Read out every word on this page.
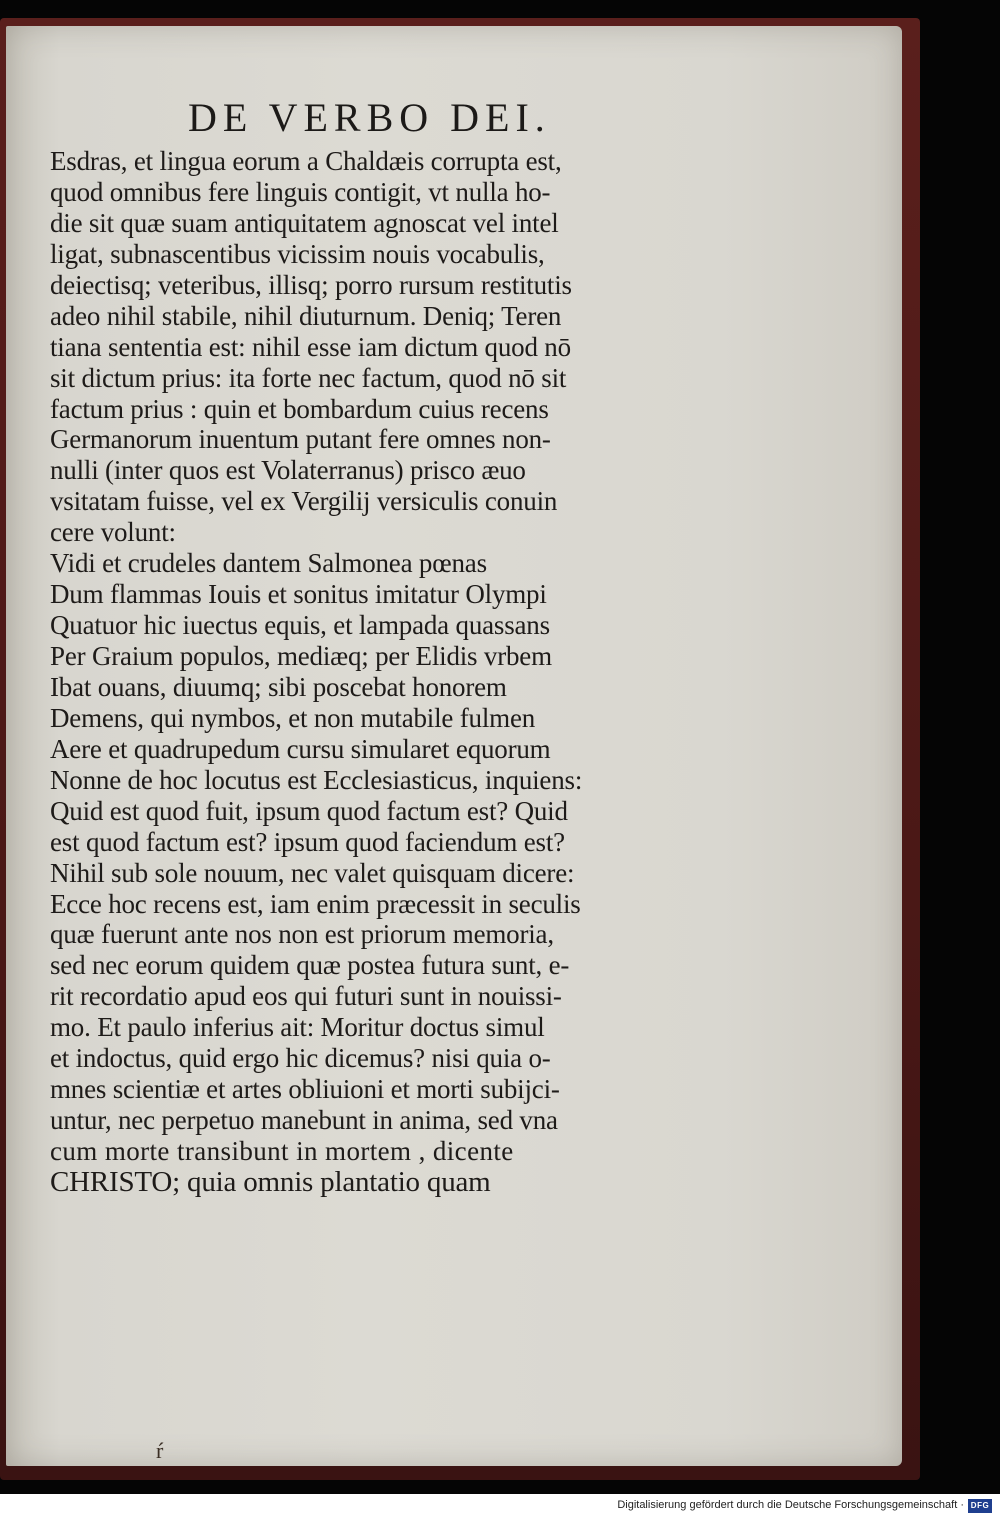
DE VERBO DEI.
Esdras, et lingua eorum a Chaldæis corrupta est,
quod omnibus fere linguis contigit, vt nulla ho-
die sit quæ suam antiquitatem agnoscat vel intel
ligat, subnascentibus vicissim nouis vocabulis,
deiectisq; veteribus, illisq; porro rursum restitutis
adeo nihil stabile, nihil diuturnum. Deniq; Teren
tiana sententia est: nihil esse iam dictum quod nō
sit dictum prius: ita forte nec factum, quod nō sit
factum prius : quin et bombardum cuius recens
Germanorum inuentum putant fere omnes non-
nulli (inter quos est Volaterranus) prisco æuo
vsitatam fuisse, vel ex Vergilij versiculis conuin
cere volunt:
Vidi et crudeles dantem Salmonea pœnas
Dum flammas Iouis et sonitus imitatur Olympi
Quatuor hic iuectus equis, et lampada quassans
Per Graium populos, mediæq; per Elidis vrbem
Ibat ouans, diuumq; sibi poscebat honorem
Demens, qui nymbos, et non mutabile fulmen
Aere et quadrupedum cursu simularet equorum
Nonne de hoc locutus est Ecclesiasticus, inquiens:
Quid est quod fuit, ipsum quod factum est? Quid
est quod factum est? ipsum quod faciendum est?
Nihil sub sole nouum, nec valet quisquam dicere:
Ecce hoc recens est, iam enim præcessit in seculis
quæ fuerunt ante nos non est priorum memoria,
sed nec eorum quidem quæ postea futura sunt, e-
rit recordatio apud eos qui futuri sunt in nouissi-
mo. Et paulo inferius ait: Moritur doctus simul
et indoctus, quid ergo hic dicemus? nisi quia o-
mnes scientiæ et artes obliuioni et morti subijci-
untur, nec perpetuo manebunt in anima, sed vna
cum morte transibunt in mortem , dicente
CHRISTO; quia omnis plantatio quam
ŕ
Digitalisierung gefördert durch die Deutsche Forschungsgemeinschaft · DFG
